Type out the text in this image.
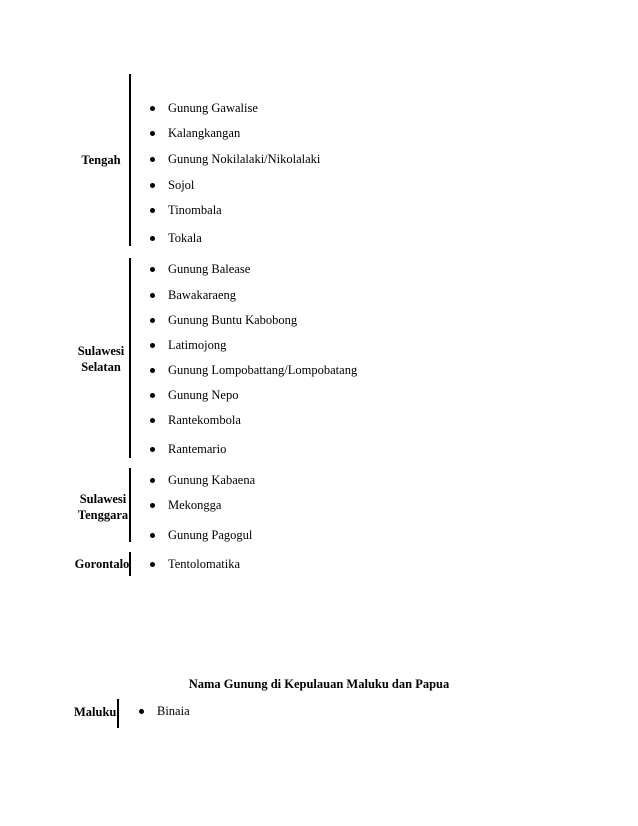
Tengah
Gunung Gawalise
Kalangkangan
Gunung Nokilalaki/Nikolalaki
Sojol
Tinombala
Tokala
Sulawesi
Selatan
Gunung Balease
Bawakaraeng
Gunung Buntu Kabobong
Latimojong
Gunung Lompobattang/Lompobatang
Gunung Nepo
Rantekombola
Rantemario
Sulawesi
Tenggara
Gunung Kabaena
Mekongga
Gunung Pagogul
Gorontalo	Tentolomatika
Nama Gunung di Kepulauan Maluku dan Papua
Maluku	Binaia
